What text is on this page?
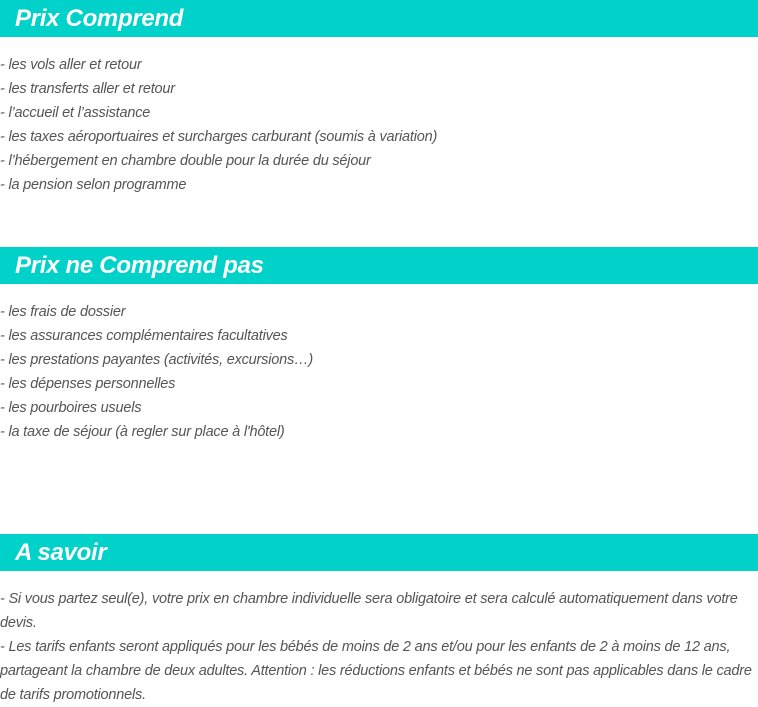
Prix Comprend
- les vols aller et retour
- les transferts aller et retour
- l’accueil et l’assistance
- les taxes aéroportuaires et surcharges carburant (soumis à variation)
- l’hébergement en chambre double pour la durée du séjour
- la pension selon programme
Prix ne Comprend pas
- les frais de dossier
- les assurances complémentaires facultatives
- les prestations payantes (activités, excursions…)
- les dépenses personnelles
- les pourboires usuels
- la taxe de séjour (à regler sur place à l'hôtel)
A savoir

- Si vous partez seul(e), votre prix en chambre individuelle sera obligatoire et sera calculé automatiquement dans votre devis.

- Les tarifs enfants seront appliqués pour les bébés de moins de 2 ans et/ou pour les enfants de 2 à moins de 12 ans, partageant la chambre de deux adultes. Attention : les réductions enfants et bébés ne sont pas applicables dans le cadre de tarifs promotionnels.
